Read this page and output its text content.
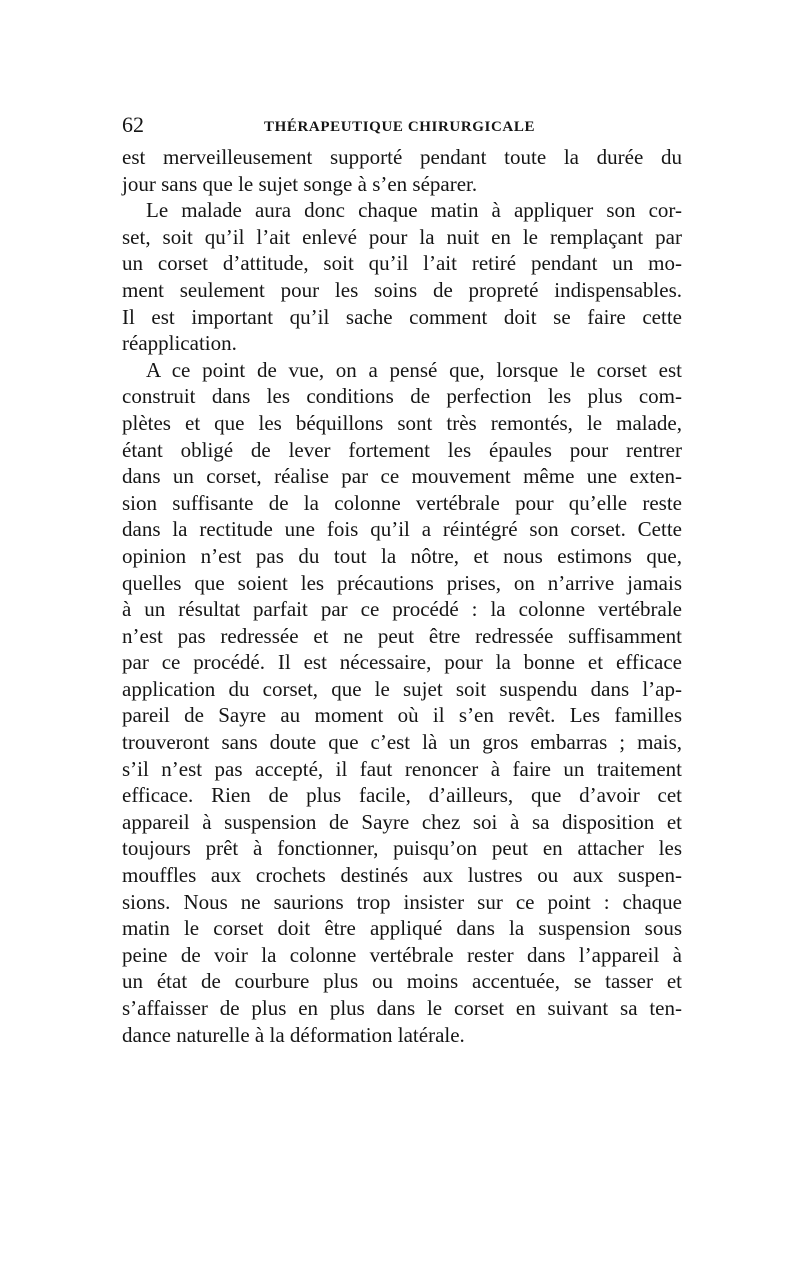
62	THÉRAPEUTIQUE CHIRURGICALE
est merveilleusement supporté pendant toute la durée du
jour sans que le sujet songe à s’en séparer.
Le malade aura donc chaque matin à appliquer son cor-
set, soit qu’il l’ait enlevé pour la nuit en le remplaçant par
un corset d’attitude, soit qu’il l’ait retiré pendant un mo-
ment seulement pour les soins de propreté indispensables.
Il est important qu’il sache comment doit se faire cette
réapplication.
A ce point de vue, on a pensé que, lorsque le corset est
construit dans les conditions de perfection les plus com-
plètes et que les béquillons sont très remontés, le malade,
étant obligé de lever fortement les épaules pour rentrer
dans un corset, réalise par ce mouvement même une exten-
sion suffisante de la colonne vertébrale pour qu’elle reste
dans la rectitude une fois qu’il a réintégré son corset. Cette
opinion n’est pas du tout la nôtre, et nous estimons que,
quelles que soient les précautions prises, on n’arrive jamais
à un résultat parfait par ce procédé : la colonne vertébrale
n’est pas redressée et ne peut être redressée suffisamment
par ce procédé. Il est nécessaire, pour la bonne et efficace
application du corset, que le sujet soit suspendu dans l’ap-
pareil de Sayre au moment où il s’en revêt. Les familles
trouveront sans doute que c’est là un gros embarras ; mais,
s’il n’est pas accepté, il faut renoncer à faire un traitement
efficace. Rien de plus facile, d’ailleurs, que d’avoir cet
appareil à suspension de Sayre chez soi à sa disposition et
toujours prêt à fonctionner, puisqu’on peut en attacher les
mouffles aux crochets destinés aux lustres ou aux suspen-
sions. Nous ne saurions trop insister sur ce point : chaque
matin le corset doit être appliqué dans la suspension sous
peine de voir la colonne vertébrale rester dans l’appareil à
un état de courbure plus ou moins accentuée, se tasser et
s’affaisser de plus en plus dans le corset en suivant sa ten-
dance naturelle à la déformation latérale.
